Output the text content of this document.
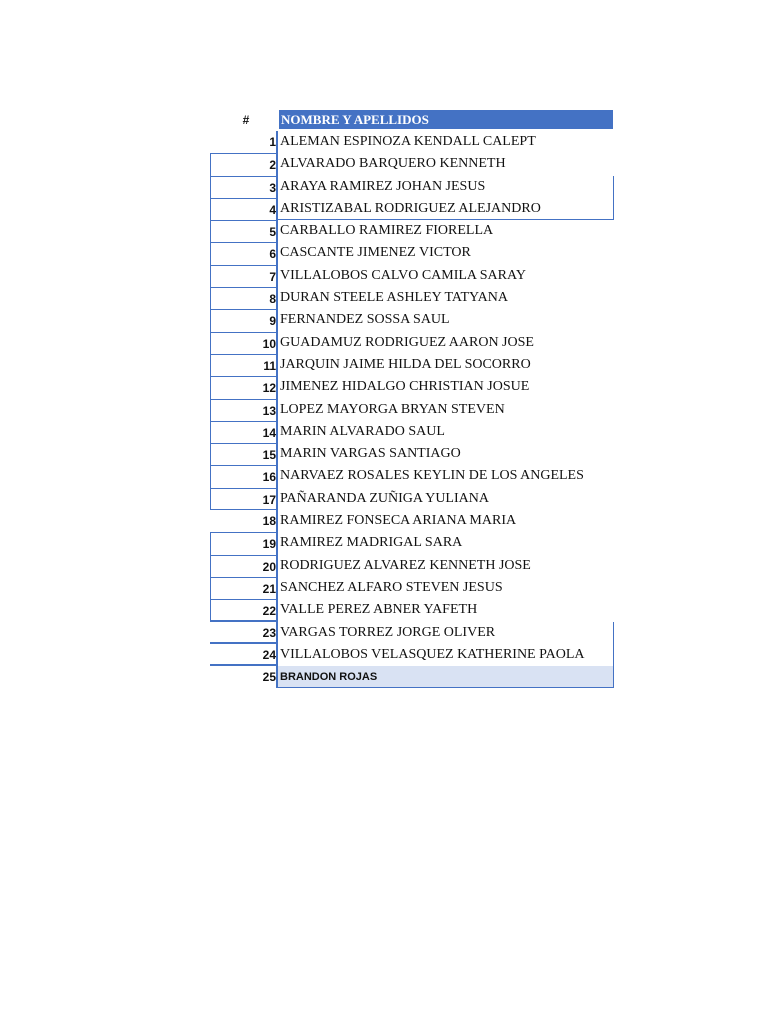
#	NOMBRE Y APELLIDOS
1 ALEMAN ESPINOZA KENDALL CALEPT
2 ALVARADO BARQUERO KENNETH
3 ARAYA RAMIREZ JOHAN JESUS
4 ARISTIZABAL RODRIGUEZ ALEJANDRO
5 CARBALLO RAMIREZ FIORELLA
6 CASCANTE JIMENEZ VICTOR
7 VILLALOBOS CALVO CAMILA SARAY
8 DURAN STEELE ASHLEY TATYANA
9 FERNANDEZ SOSSA SAUL
10 GUADAMUZ RODRIGUEZ AARON JOSE
11 JARQUIN JAIME HILDA DEL SOCORRO
12 JIMENEZ HIDALGO CHRISTIAN JOSUE
13 LOPEZ MAYORGA BRYAN STEVEN
14 MARIN ALVARADO SAUL
15 MARIN VARGAS SANTIAGO
16 NARVAEZ ROSALES KEYLIN DE LOS ANGELES
17 PAÑARANDA ZUÑIGA YULIANA
18 RAMIREZ FONSECA ARIANA MARIA
19 RAMIREZ MADRIGAL SARA
20 RODRIGUEZ ALVAREZ KENNETH JOSE
21 SANCHEZ ALFARO STEVEN JESUS
22 VALLE PEREZ ABNER YAFETH
23 VARGAS TORREZ JORGE OLIVER
24 VILLALOBOS VELASQUEZ KATHERINE PAOLA
25 BRANDON ROJAS
